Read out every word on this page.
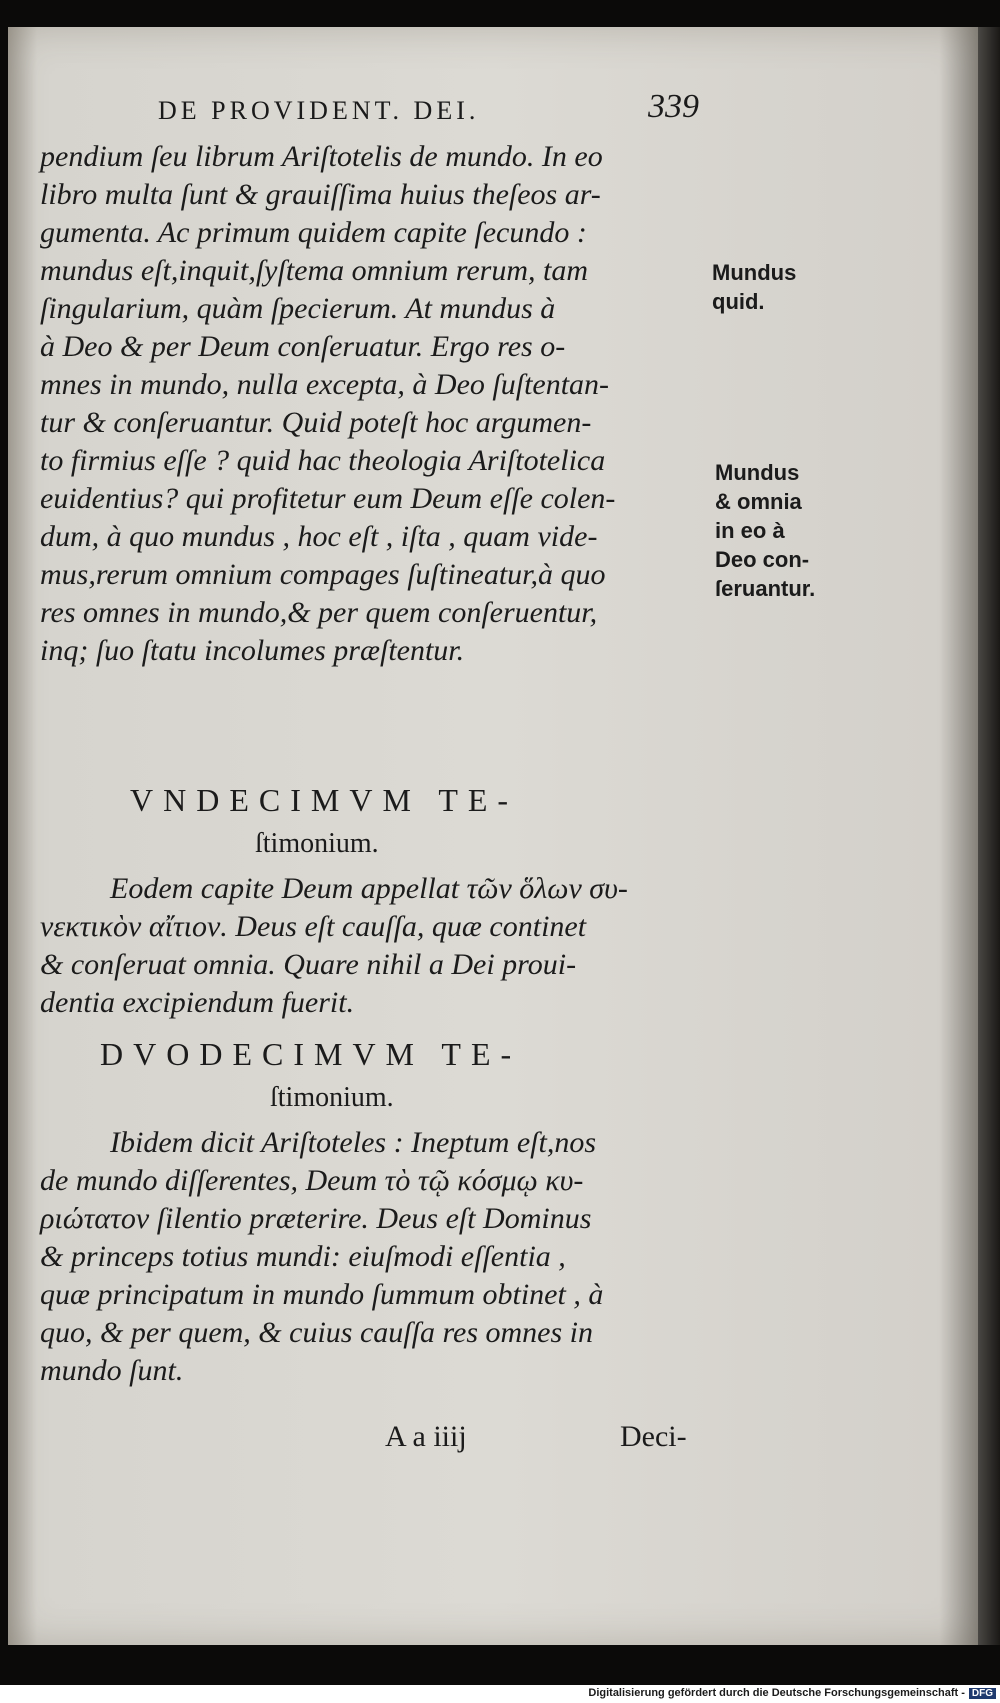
DE PROVIDENT. DEI.	339
pendium ſeu librum Ariſtotelis de mundo. In eo
libro multa ſunt & grauiſſima huius theſeos ar-
gumenta. Ac primum quidem capite ſecundo :
mundus eſt,inquit,ſyſtema omnium rerum, tam
ſingularium, quàm ſpecierum. At mundus à
à Deo & per Deum conſeruatur. Ergo res o-
mnes in mundo, nulla excepta, à Deo ſuſtentan-
tur & conſeruantur. Quid poteſt hoc argumen-
to firmius eſſe ? quid hac theologia Ariſtotelica
euidentius? qui profitetur eum Deum eſſe colen-
dum, à quo mundus , hoc eſt , iſta , quam vide-
mus,rerum omnium compages ſuſtineatur,à quo
res omnes in mundo,& per quem conſeruentur,
inq; ſuo ſtatu incolumes præſtentur.
VNDECIMVM TE-
ſtimonium.
Eodem capite Deum appellat τῶν ὅλων συ-
νεκτικὸν αἴτιον. Deus eſt cauſſa, quæ continet
& conſeruat omnia. Quare nihil a Dei proui-
dentia excipiendum fuerit.
DVODECIMVM TE-
ſtimonium.
Ibidem dicit Ariſtoteles : Ineptum eſt,nos
de mundo diſſerentes, Deum τὸ τῷ κόσμῳ κυ-
ριώτατον ſilentio præterire. Deus eſt Dominus
& princeps totius mundi: eiuſmodi eſſentia ,
quæ principatum in mundo ſummum obtinet , à
quo, & per quem, & cuius cauſſa res omnes in
mundo ſunt.
Mundus
quid.
Mundus
& omnia
in eo à
Deo con-
ſeruantur.
A a iiij	Deci-
Digitalisierung gefördert durch die Deutsche Forschungsgemeinschaft - DFG
